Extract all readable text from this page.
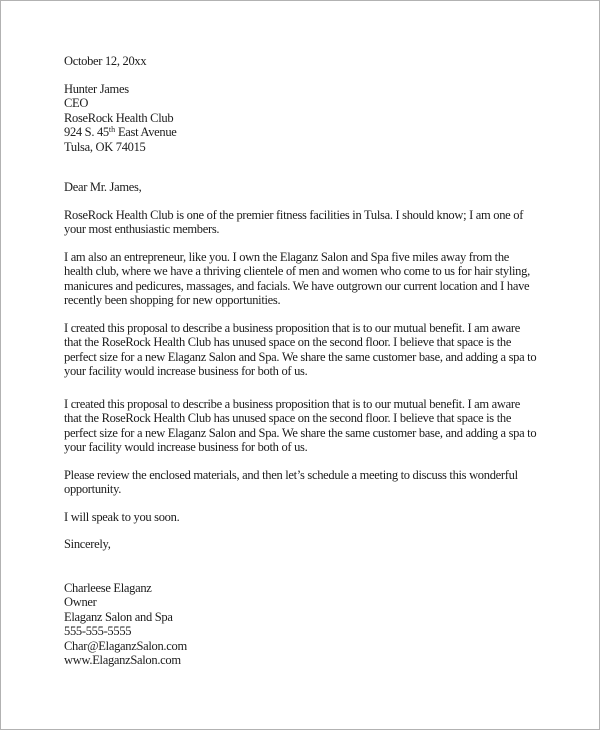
October 12, 20xx
Hunter James
CEO
RoseRock Health Club
924 S. 45th East Avenue
Tulsa, OK 74015
Dear Mr. James,
RoseRock Health Club is one of the premier fitness facilities in Tulsa. I should know; I am one of your most enthusiastic members.
I am also an entrepreneur, like you. I own the Elaganz Salon and Spa five miles away from the health club, where we have a thriving clientele of men and women who come to us for hair styling, manicures and pedicures, massages, and facials. We have outgrown our current location and I have recently been shopping for new opportunities.
I created this proposal to describe a business proposition that is to our mutual benefit. I am aware that the RoseRock Health Club has unused space on the second floor. I believe that space is the perfect size for a new Elaganz Salon and Spa. We share the same customer base, and adding a spa to your facility would increase business for both of us.
I created this proposal to describe a business proposition that is to our mutual benefit. I am aware that the RoseRock Health Club has unused space on the second floor. I believe that space is the perfect size for a new Elaganz Salon and Spa. We share the same customer base, and adding a spa to your facility would increase business for both of us.
Please review the enclosed materials, and then let’s schedule a meeting to discuss this wonderful opportunity.
I will speak to you soon.
Sincerely,
Charleese Elaganz
Owner
Elaganz Salon and Spa
555-555-5555
Char@ElaganzSalon.com
www.ElaganzSalon.com
